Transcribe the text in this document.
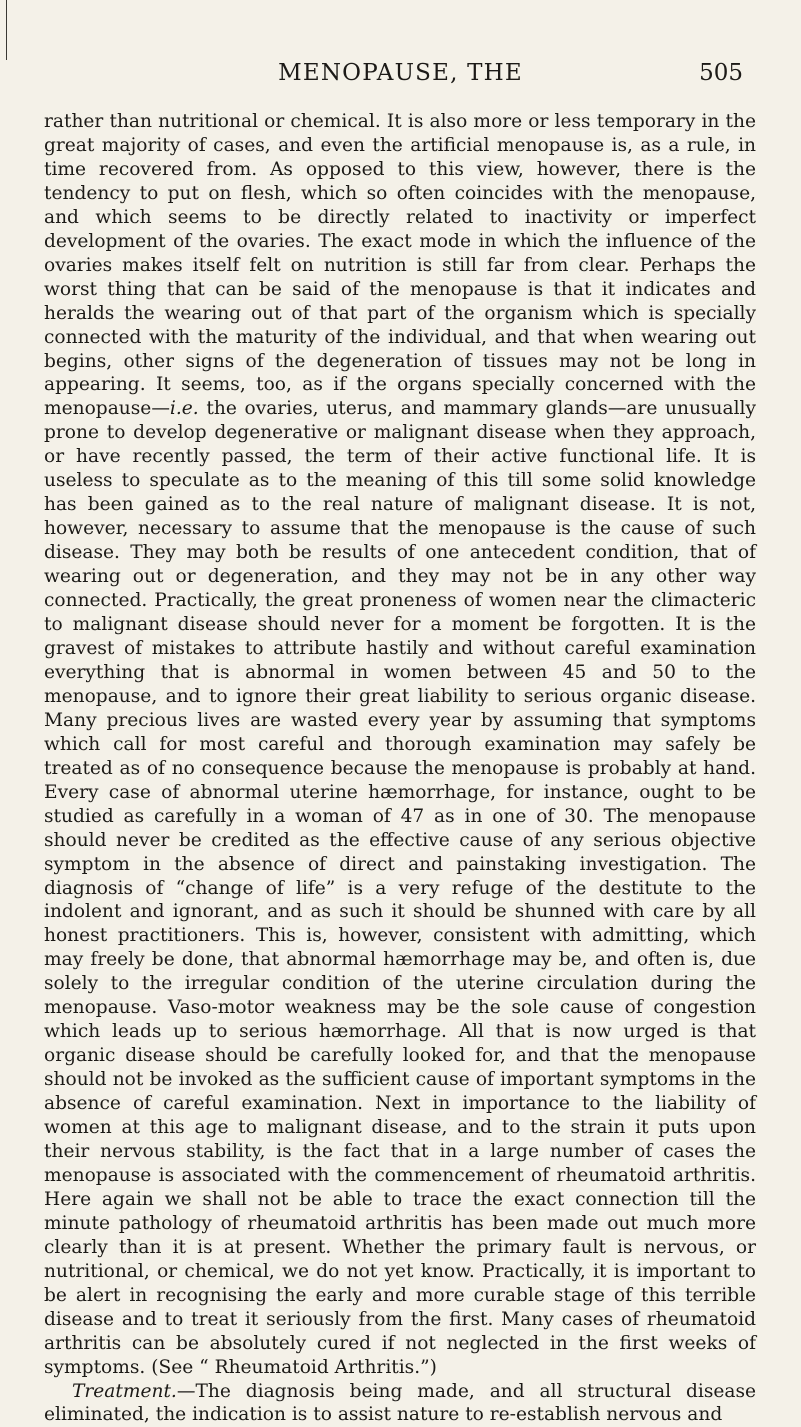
MENOPAUSE, THE	505

rather than nutritional or chemical. It is also more or less temporary in the great majority of cases, and even the artificial menopause is, as a rule, in time recovered from. As opposed to this view, however, there is the tendency to put on flesh, which so often coincides with the menopause, and which seems to be directly related to inactivity or imperfect development of the ovaries. The exact mode in which the influence of the ovaries makes itself felt on nutrition is still far from clear. Perhaps the worst thing that can be said of the menopause is that it indicates and heralds the wearing out of that part of the organism which is specially connected with the maturity of the individual, and that when wearing out begins, other signs of the degeneration of tissues may not be long in appearing. It seems, too, as if the organs specially concerned with the menopause—i.e. the ovaries, uterus, and mammary glands—are unusually prone to develop degenerative or malignant disease when they approach, or have recently passed, the term of their active functional life. It is useless to speculate as to the meaning of this till some solid knowledge has been gained as to the real nature of malignant disease. It is not, however, necessary to assume that the menopause is the cause of such disease. They may both be results of one antecedent condition, that of wearing out or degeneration, and they may not be in any other way connected. Practically, the great proneness of women near the climacteric to malignant disease should never for a moment be forgotten. It is the gravest of mistakes to attribute hastily and without careful examination everything that is abnormal in women between 45 and 50 to the menopause, and to ignore their great liability to serious organic disease. Many precious lives are wasted every year by assuming that symptoms which call for most careful and thorough examination may safely be treated as of no consequence because the menopause is probably at hand. Every case of abnormal uterine hæmorrhage, for instance, ought to be studied as carefully in a woman of 47 as in one of 30. The menopause should never be credited as the effective cause of any serious objective symptom in the absence of direct and painstaking investigation. The diagnosis of “change of life” is a very refuge of the destitute to the indolent and ignorant, and as such it should be shunned with care by all honest practitioners. This is, however, consistent with admitting, which may freely be done, that abnormal hæmorrhage may be, and often is, due solely to the irregular condition of the uterine circulation during the menopause. Vaso-motor weakness may be the sole cause of congestion which leads up to serious hæmorrhage. All that is now urged is that organic disease should be carefully looked for, and that the menopause should not be invoked as the sufficient cause of important symptoms in the absence of careful examination. Next in importance to the liability of women at this age to malignant disease, and to the strain it puts upon their nervous stability, is the fact that in a large number of cases the menopause is associated with the commencement of rheumatoid arthritis. Here again we shall not be able to trace the exact connection till the minute pathology of rheumatoid arthritis has been made out much more clearly than it is at present. Whether the primary fault is nervous, or nutritional, or chemical, we do not yet know. Practically, it is important to be alert in recognising the early and more curable stage of this terrible disease and to treat it seriously from the first. Many cases of rheumatoid arthritis can be absolutely cured if not neglected in the first weeks of symptoms. (See “ Rheumatoid Arthritis.”)

Treatment.—The diagnosis being made, and all structural disease eliminated, the indication is to assist nature to re-establish nervous and
